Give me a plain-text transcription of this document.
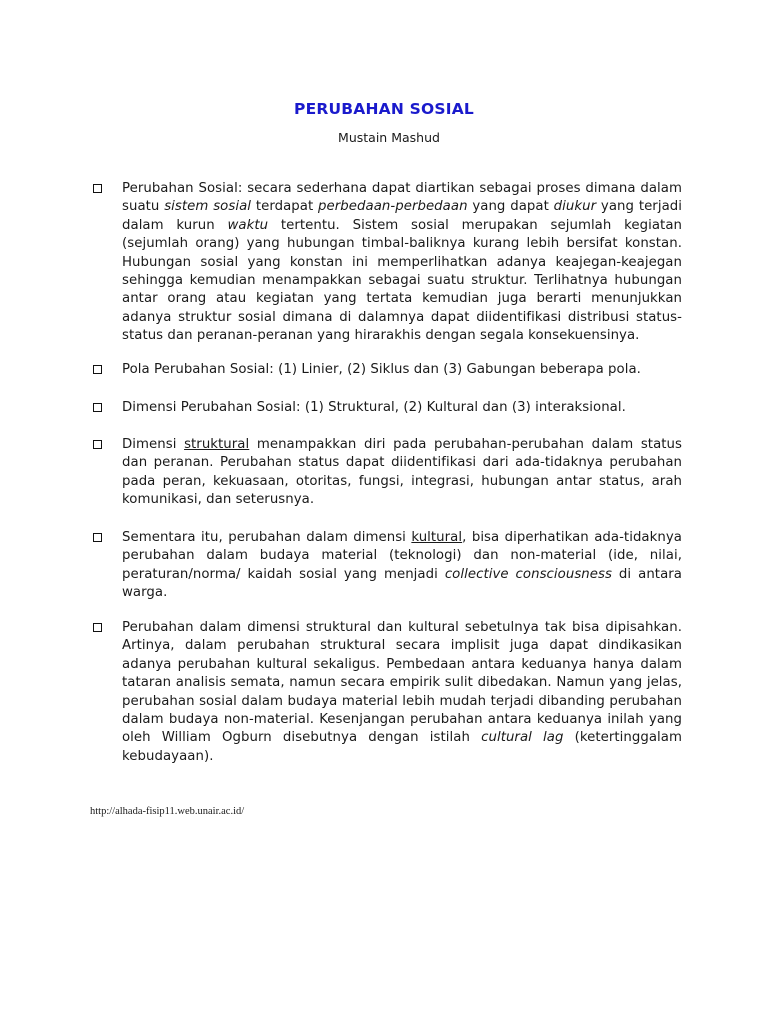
PERUBAHAN SOSIAL
Mustain Mashud
Perubahan Sosial: secara sederhana dapat diartikan sebagai proses dimana dalam suatu sistem sosial terdapat perbedaan-perbedaan yang dapat diukur yang terjadi dalam kurun waktu tertentu. Sistem sosial merupakan sejumlah kegiatan (sejumlah orang) yang hubungan timbal-baliknya kurang lebih bersifat konstan. Hubungan sosial yang konstan ini memperlihatkan adanya keajegan-keajegan sehingga kemudian menampakkan sebagai suatu struktur. Terlihatnya hubungan antar orang atau kegiatan yang tertata kemudian juga berarti menunjukkan adanya struktur sosial dimana di dalamnya dapat diidentifikasi distribusi status-status dan peranan-peranan yang hirarakhis dengan segala konsekuensinya.
Pola Perubahan Sosial: (1) Linier, (2) Siklus dan (3) Gabungan beberapa pola.
Dimensi Perubahan Sosial: (1) Struktural, (2) Kultural dan (3) interaksional.
Dimensi struktural menampakkan diri pada perubahan-perubahan dalam status dan peranan. Perubahan status dapat diidentifikasi dari ada-tidaknya perubahan pada peran, kekuasaan, otoritas, fungsi, integrasi, hubungan antar status, arah komunikasi, dan seterusnya.
Sementara itu, perubahan dalam dimensi kultural, bisa diperhatikan ada-tidaknya perubahan dalam budaya material (teknologi) dan non-material (ide, nilai, peraturan/norma/ kaidah sosial yang menjadi collective consciousness di antara warga.
Perubahan dalam dimensi struktural dan kultural sebetulnya tak bisa dipisahkan. Artinya, dalam perubahan struktural secara implisit juga dapat dindikasikan adanya perubahan kultural sekaligus. Pembedaan antara keduanya hanya dalam tataran analisis semata, namun secara empirik sulit dibedakan. Namun yang jelas, perubahan sosial dalam budaya material lebih mudah terjadi dibanding perubahan dalam budaya non-material. Kesenjangan perubahan antara keduanya inilah yang oleh William Ogburn disebutnya dengan istilah cultural lag (ketertinggalam kebudayaan).
http://alhada-fisip11.web.unair.ac.id/
